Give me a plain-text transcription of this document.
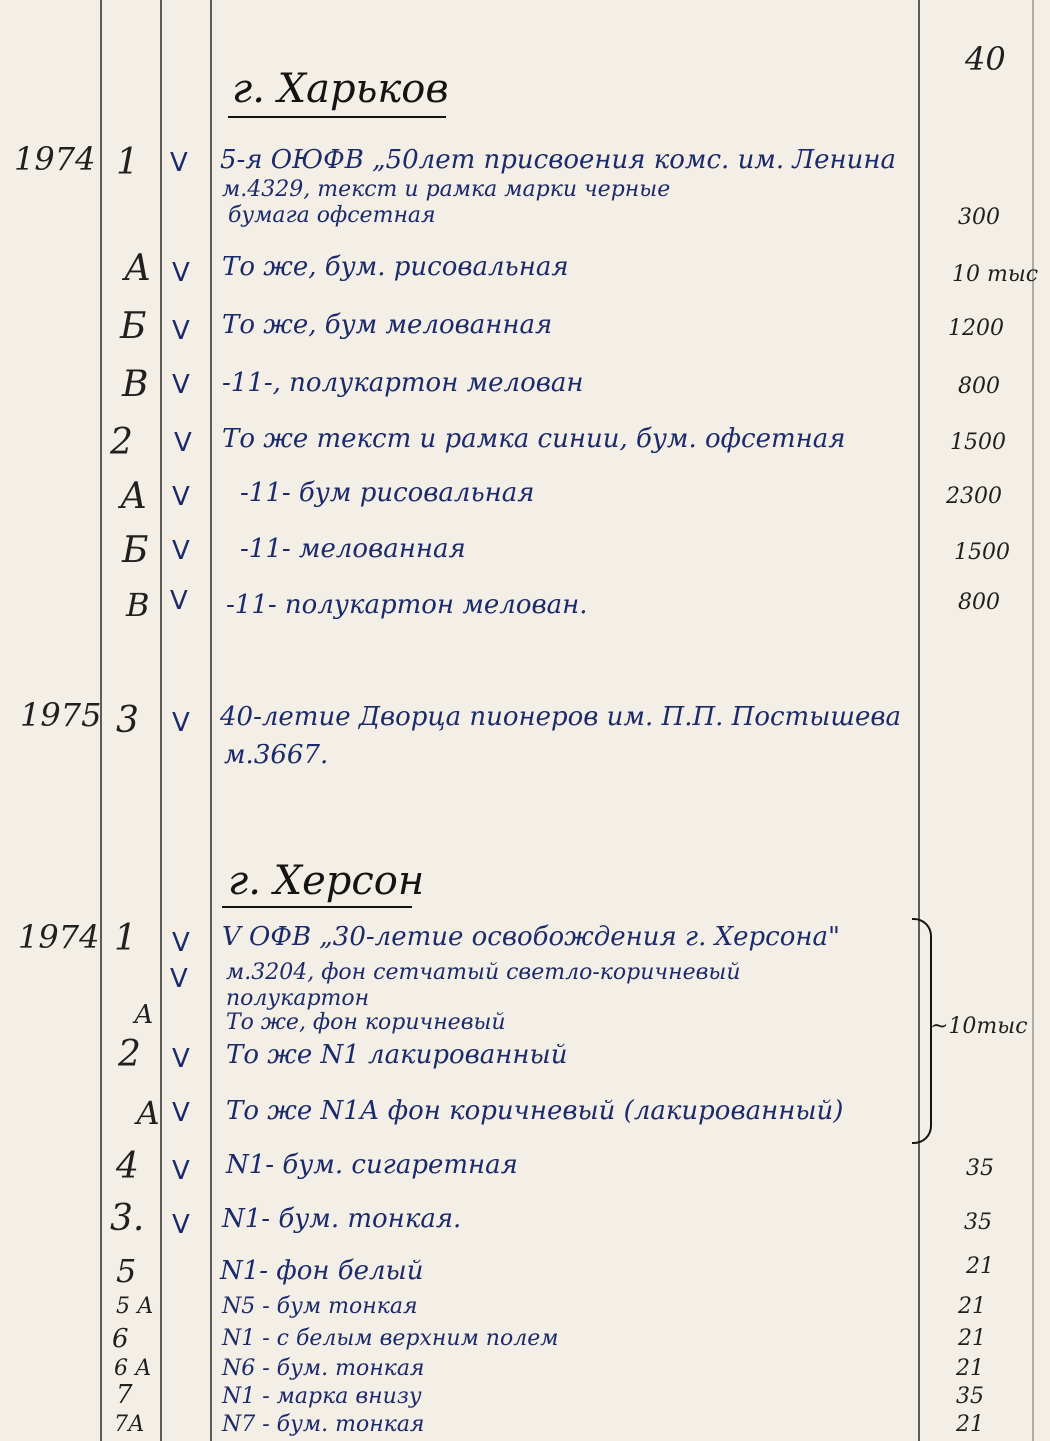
40
г. Харьков
1974 1 V 5-я ОЮФВ „50лет присвоения комс. им. Ленина
м.4329, текст и рамка марки черные
бумага офсетная	300
А V То же, бум. рисовальная	10 тыс
Б V То же, бум мелованная	1200
В V -11-, полукартон мелован	800
2 V То же текст и рамка синии, бум. офсетная	1500
А V -11- бум рисовальная	2300
Б V -11- мелованная	1500
В V -11- полукартон мелован.	800
1975 3 V 40-летие Дворца пионеров им. П.П. Постышева
м.3667.
г. Херсон
1974 1 V V ОФВ „30-летие освобождения г. Херсона"
V м.3204, фон сетчатый светло-коричневый
полукартон
А	То же, фон коричневый
2 V То же N1 лакированный
А V То же N1А фон коричневый (лакированный)
~10тыс
4 V N1- бум. сигаретная	35
3. V N1- бум. тонкая.	35
5	N1- фон белый	21
5 А	N5 - бум тонкая	21
6	N1 - с белым верхним полем	21
6 А	N6 - бум. тонкая	21
7	N1 - марка внизу	35
7А	N7 - бум. тонкая	21
